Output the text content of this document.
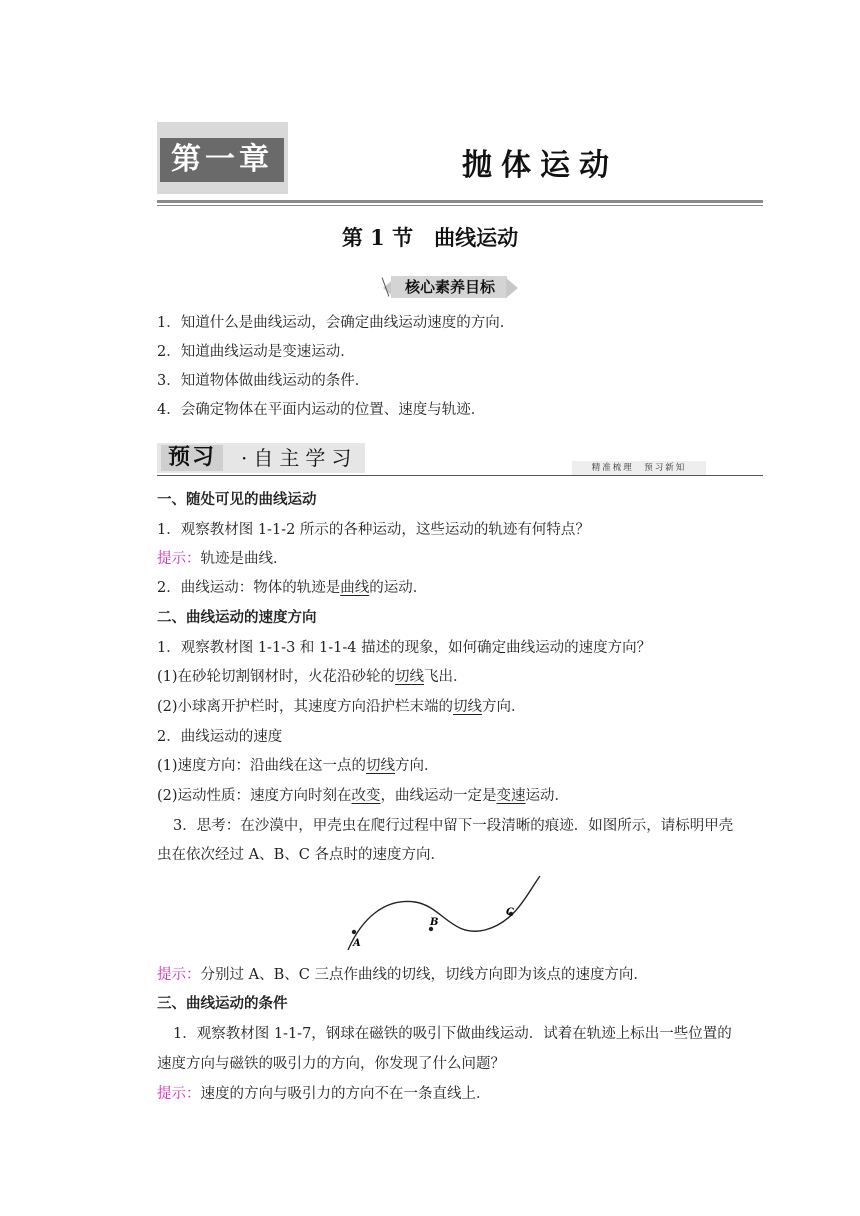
第一章	抛体运动
第 1 节　曲线运动
核心素养目标
1．知道什么是曲线运动，会确定曲线运动速度的方向．
2．知道曲线运动是变速运动．
3．知道物体做曲线运动的条件．
4．会确定物体在平面内运动的位置、速度与轨迹．
预习	·自主学习	精准梳理　预习新知
一、随处可见的曲线运动
1．观察教材图 1-1-2 所示的各种运动，这些运动的轨迹有何特点？
提示：轨迹是曲线．
2．曲线运动：物体的轨迹是曲线的运动．
二、曲线运动的速度方向
1．观察教材图 1-1-3 和 1-1-4 描述的现象，如何确定曲线运动的速度方向？
(1)在砂轮切割钢材时，火花沿砂轮的切线飞出．
(2)小球离开护栏时，其速度方向沿护栏末端的切线方向．
2．曲线运动的速度
(1)速度方向：沿曲线在这一点的切线方向．
(2)运动性质：速度方向时刻在改变，曲线运动一定是变速运动．
3．思考：在沙漠中，甲壳虫在爬行过程中留下一段清晰的痕迹．如图所示，请标明甲壳
虫在依次经过 A、B、C 各点时的速度方向．
A
B
C
提示：分别过 A、B、C 三点作曲线的切线，切线方向即为该点的速度方向．
三、曲线运动的条件
1．观察教材图 1-1-7，钢球在磁铁的吸引下做曲线运动．试着在轨迹上标出一些位置的
速度方向与磁铁的吸引力的方向，你发现了什么问题？
提示：速度的方向与吸引力的方向不在一条直线上．
